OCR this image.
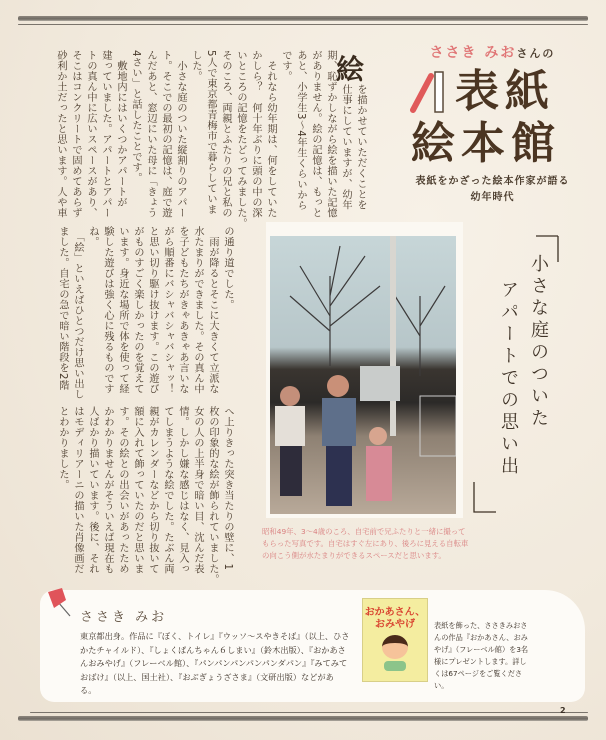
ささき みおさんの
表紙
絵本館
表紙をかざった絵本作家が語る
幼年時代
絵
を描かせていただくことを
仕事にしていますが、幼年
期、恥ずかしながら絵を描いた記憶
がありません。絵の記憶は、もっと
あと、小学生3〜4年生くらいから
です。
　それなら幼年期は、何をしていた
かしら？　何十年ぶりに頭の中の深
いところの記憶をたどってみました。
そのころ、両親とふたりの兄と私の
5人で東京都青梅市で暮らしていま
した。
　小さな庭のついた縦割りのアパー
ト。そこでの最初の記憶は、庭で遊
んだあと、窓辺にいた母に「きょう
4さい」と話したことです。
　敷地内にはいくつかアパートが
建っていました。アパートとアパー
トの真ん中に広いスペースがあり、
そこはコンクリートで固めてあらず
砂利か土だったと思います。人や車
の通り道でした。
　雨が降るとそこに大きくて立派な
水たまりができました。その真ん中
を子どもたちがきゃあきゃあ言いな
がら順番にバシャバシャバシャッ！
と思い切り駆け抜けます。この遊び
がものすごく楽しかったのを覚えて
います。身近な場所で体を使って経
験した遊びは強く心に残るものです
ね。
　「絵」といえばひとつだけ思い出し
ました。自宅の急で暗い階段を2階
へ上りきった突き当たりの壁に、1
枚の印象的な絵が飾られていました。
女の人の上半身で暗い目、沈んだ表
情。しかし嫌な感じはなく、見入っ
てしまうような絵でした。たぶん両
親がカレンダーなどから切り抜いて
額に入れて飾っていたのだと思いま
す。その絵との出会いがあったため
かわかりませんがそういえば現在も
人ばかり描いています。後に、それ
はモディリアーニの描いた肖像画だ
とわかりました。
昭和49年、3〜4歳のころ、自宅前で兄ふたりと一緒に撮ってもらった写真です。自宅はすぐ左にあり、後ろに見える自転車の向こう側が水たまりができるスペースだと思います。
小さな庭のついた
アパートでの思い出
ささき みお
東京都出身。作品に『ぼく、トイレ』『ウッソ〜スやきそば』（以上、ひさかたチャイルド）、『しょくぱんちゃん６しまい』（鈴木出版）、『おかあさんおみやげ』（フレーベル館）、『パンパンパンパンパンダパン』『みてみておばけ』（以上、国土社）、『おぶぎょうざさま』（文研出版）などがある。
おかあさん、
おみやげ	表紙を飾った、ささきみおさんの作品『おかあさん、おみやげ』（フレーベル館）を3名様にプレゼントします。詳しくは67ページをご覧ください。
2
